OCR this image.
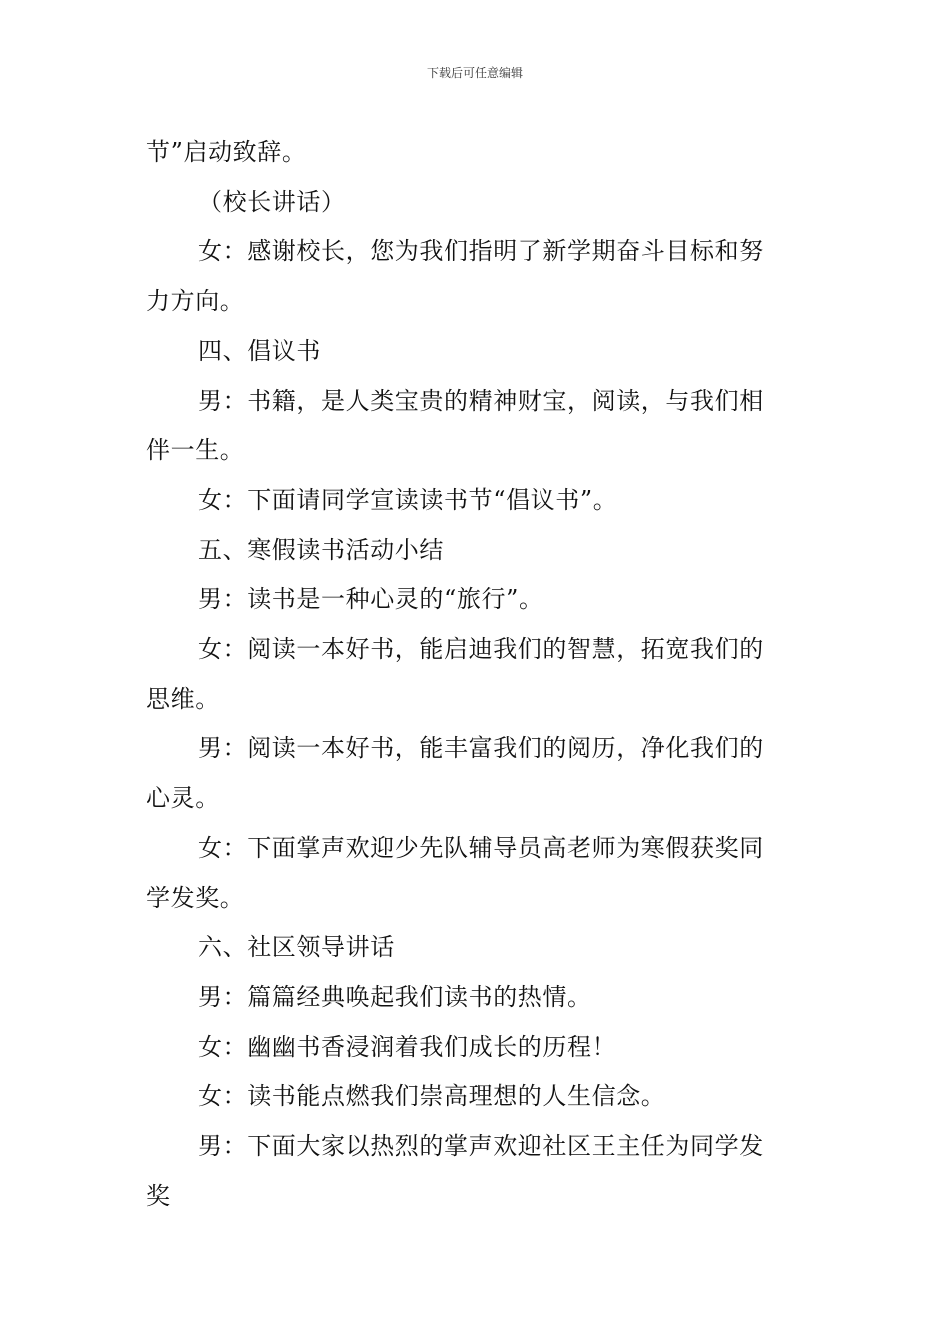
下载后可任意编辑

节”启动致辞。

（校长讲话）

女：感谢校长，您为我们指明了新学期奋斗目标和努

力方向。

四、倡议书

男：书籍，是人类宝贵的精神财宝，阅读，与我们相

伴一生。

女：下面请同学宣读读书节“倡议书”。

五、寒假读书活动小结

男：读书是一种心灵的“旅行”。

女：阅读一本好书，能启迪我们的智慧，拓宽我们的

思维。

男：阅读一本好书，能丰富我们的阅历，净化我们的

心灵。

女：下面掌声欢迎少先队辅导员高老师为寒假获奖同

学发奖。

六、社区领导讲话

男：篇篇经典唤起我们读书的热情。

女：幽幽书香浸润着我们成长的历程！

女：读书能点燃我们崇高理想的人生信念。

男：下面大家以热烈的掌声欢迎社区王主任为同学发

奖
